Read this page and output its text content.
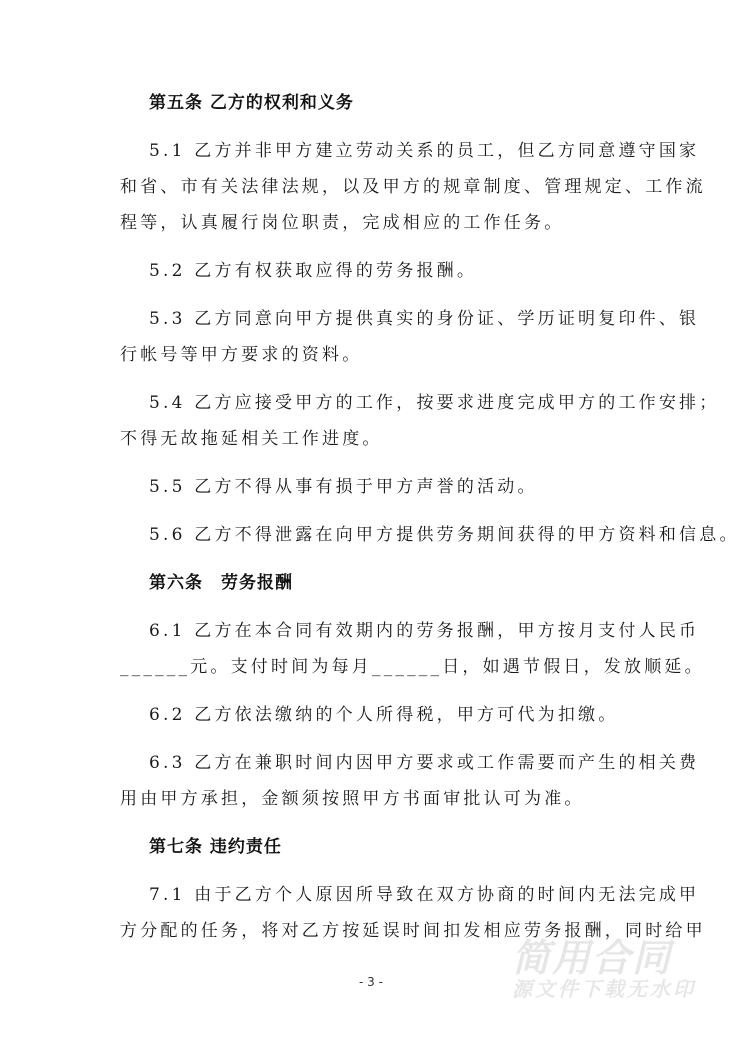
第五条 乙方的权利和义务
5.1 乙方并非甲方建立劳动关系的员工，但乙方同意遵守国家
和省、市有关法律法规，以及甲方的规章制度、管理规定、工作流
程等，认真履行岗位职责，完成相应的工作任务。
5.2 乙方有权获取应得的劳务报酬。
5.3 乙方同意向甲方提供真实的身份证、学历证明复印件、银
行帐号等甲方要求的资料。
5.4 乙方应接受甲方的工作，按要求进度完成甲方的工作安排；
不得无故拖延相关工作进度。
5.5 乙方不得从事有损于甲方声誉的活动。
5.6 乙方不得泄露在向甲方提供劳务期间获得的甲方资料和信息。
第六条　劳务报酬
6.1 乙方在本合同有效期内的劳务报酬，甲方按月支付人民币
______元。支付时间为每月______日，如遇节假日，发放顺延。
6.2 乙方依法缴纳的个人所得税，甲方可代为扣缴。
6.3 乙方在兼职时间内因甲方要求或工作需要而产生的相关费
用由甲方承担，金额须按照甲方书面审批认可为准。
第七条 违约责任
7.1 由于乙方个人原因所导致在双方协商的时间内无法完成甲
方分配的任务，将对乙方按延误时间扣发相应劳务报酬，同时给甲
简用合同
源文件下载无水印
- 3 -
